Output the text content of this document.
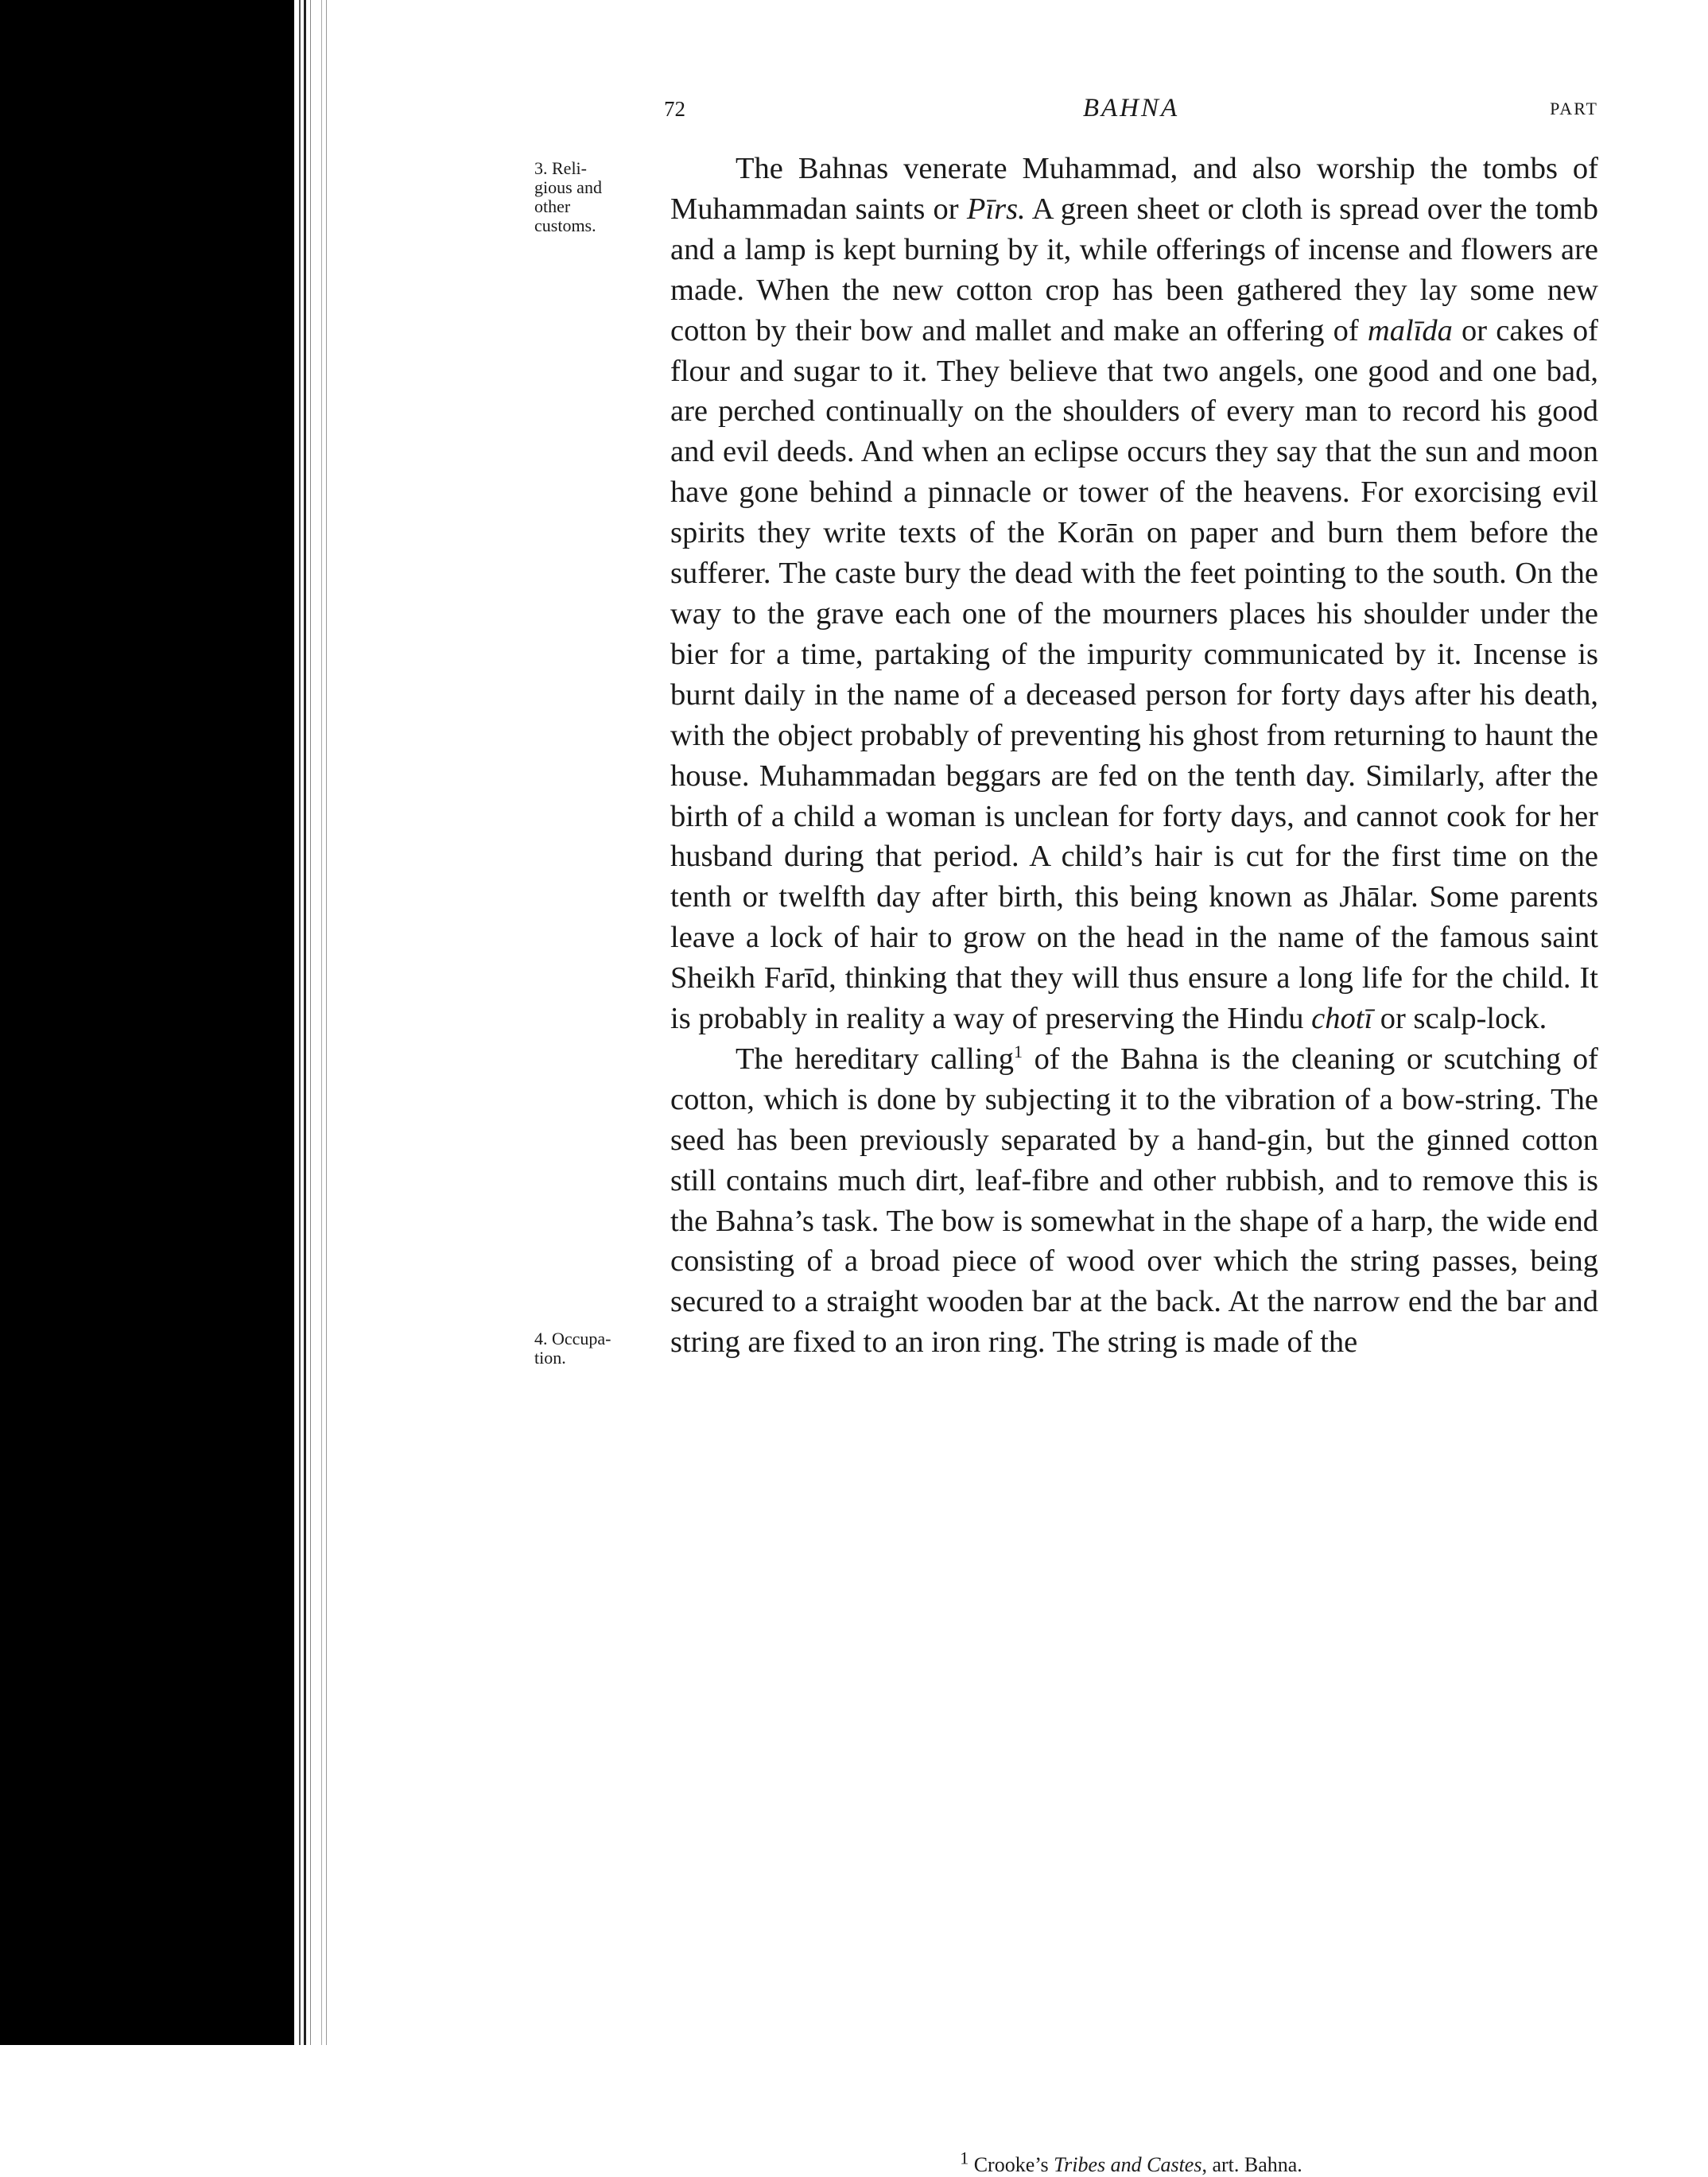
72	BAHNA	PART
3. Reli-
gious and
other
customs.
4. Occupa-
tion.

The Bahnas venerate Muhammad, and also worship the tombs of Muhammadan saints or Pīrs. A green sheet or cloth is spread over the tomb and a lamp is kept burning by it, while offerings of incense and flowers are made. When the new cotton crop has been gathered they lay some new cotton by their bow and mallet and make an offering of malīda or cakes of flour and sugar to it. They believe that two angels, one good and one bad, are perched continually on the shoulders of every man to record his good and evil deeds. And when an eclipse occurs they say that the sun and moon have gone behind a pinnacle or tower of the heavens. For exorcising evil spirits they write texts of the Korān on paper and burn them before the sufferer. The caste bury the dead with the feet pointing to the south. On the way to the grave each one of the mourners places his shoulder under the bier for a time, partaking of the impurity communicated by it. Incense is burnt daily in the name of a deceased person for forty days after his death, with the object probably of preventing his ghost from returning to haunt the house. Muhammadan beggars are fed on the tenth day. Similarly, after the birth of a child a woman is unclean for forty days, and cannot cook for her husband during that period. A child’s hair is cut for the first time on the tenth or twelfth day after birth, this being known as Jhālar. Some parents leave a lock of hair to grow on the head in the name of the famous saint Sheikh Farīd, thinking that they will thus ensure a long life for the child. It is probably in reality a way of preserving the Hindu chotī or scalp-lock.

The hereditary calling$^1$ of the Bahna is the cleaning or scutching of cotton, which is done by subjecting it to the vibration of a bow-string. The seed has been previously separated by a hand-gin, but the ginned cotton still contains much dirt, leaf-fibre and other rubbish, and to remove this is the Bahna’s task. The bow is somewhat in the shape of a harp, the wide end consisting of a broad piece of wood over which the string passes, being secured to a straight wooden bar at the back. At the narrow end the bar and string are fixed to an iron ring. The string is made of the

$^1$ Crooke’s Tribes and Castes, art. Bahna.
